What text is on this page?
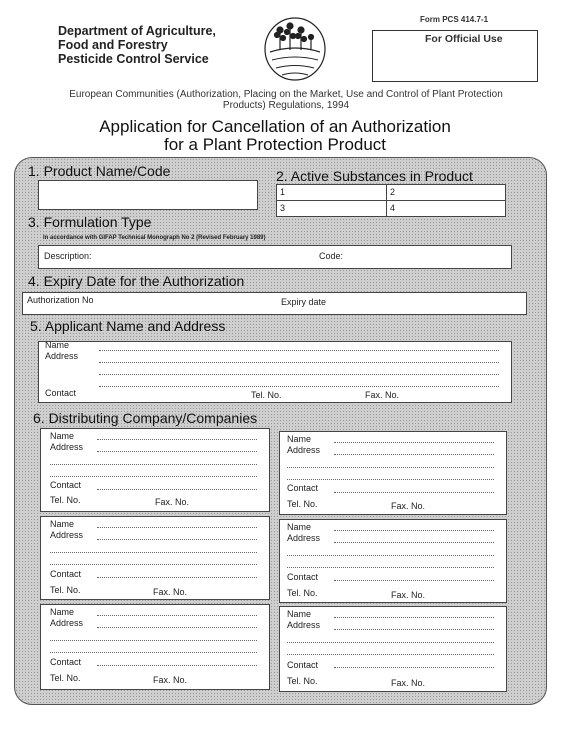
Department of Agriculture,
Food and Forestry
Pesticide Control Service
Form PCS 414.7-1
For Official Use
European Communities (Authorization, Placing on the Market, Use and Control of Plant Protection Products) Regulations, 1994
Application for Cancellation of an Authorization
for a Plant Protection Product
1. Product Name/Code	2. Active Substances in Product
1	2
3	4
3. Formulation Type
In accordance with GIFAP Technical Monograph No 2 (Revised February 1989)
Description:	Code:
4. Expiry Date for the Authorization
Authorization No	Expiry date
5. Applicant Name and Address
Name
Address
Contact	Tel. No.	Fax. No.
6. Distributing Company/Companies
Name
Address
Contact
Tel. No.	Fax. No.
Name
Address
Contact
Tel. No.	Fax. No.
Name
Address
Contact
Tel. No.	Fax. No.
Name
Address
Contact
Tel. No.	Fax. No.
Name
Address
Contact
Tel. No.	Fax. No.
Name
Address
Contact
Tel. No.	Fax. No.
